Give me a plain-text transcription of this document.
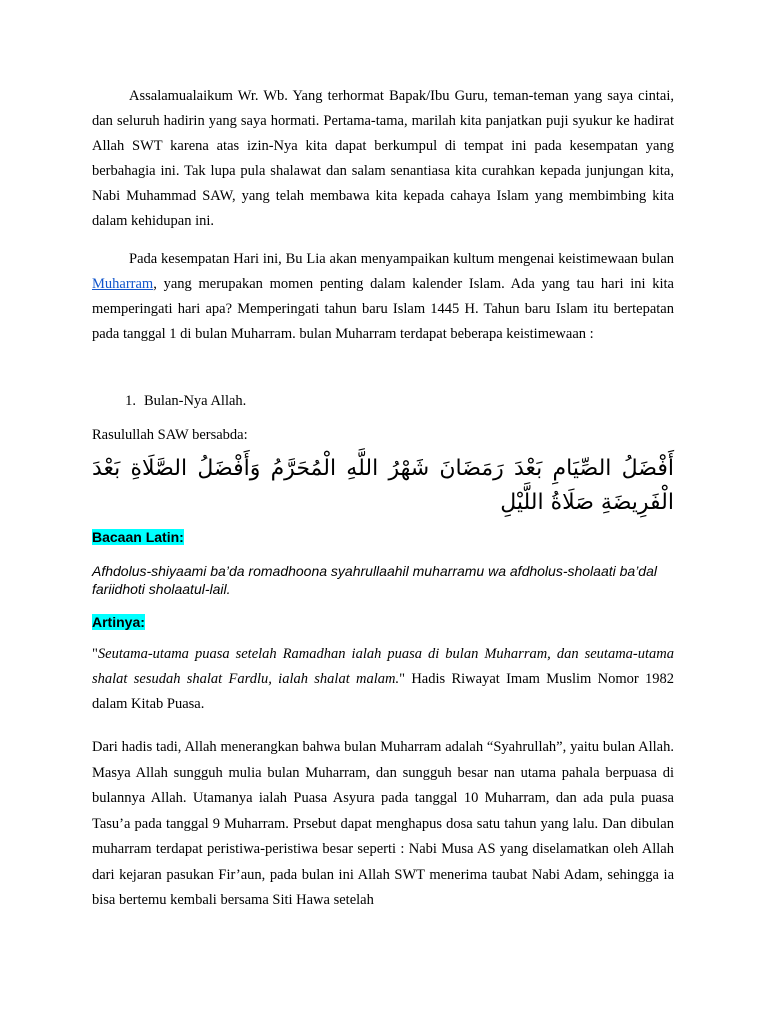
Assalamualaikum Wr. Wb. Yang terhormat Bapak/Ibu Guru, teman-teman yang saya cintai, dan seluruh hadirin yang saya hormati. Pertama-tama, marilah kita panjatkan puji syukur ke hadirat Allah SWT karena atas izin-Nya kita dapat berkumpul di tempat ini pada kesempatan yang berbahagia ini. Tak lupa pula shalawat dan salam senantiasa kita curahkan kepada junjungan kita, Nabi Muhammad SAW, yang telah membawa kita kepada cahaya Islam yang membimbing kita dalam kehidupan ini.

Pada kesempatan Hari ini, Bu Lia akan menyampaikan kultum mengenai keistimewaan bulan Muharram, yang merupakan momen penting dalam kalender Islam. Ada yang tau hari ini kita memperingati hari apa? Memperingati tahun baru Islam 1445 H. Tahun baru Islam itu bertepatan pada tanggal 1 di bulan Muharram. bulan Muharram terdapat beberapa keistimewaan :

1. Bulan-Nya Allah.
Rasulullah SAW bersabda:

أَفْضَلُ الصِّيَامِ بَعْدَ رَمَضَانَ شَهْرُ اللَّهِ الْمُحَرَّمُ وَأَفْضَلُ الصَّلَاةِ بَعْدَ الْفَرِيضَةِ صَلَاةُ اللَّيْلِ

Bacaan Latin:

Afhdolus-shiyaami ba’da romadhoona syahrullaahil muharramu wa afdholus-sholaati ba’dal fariidhoti sholaatul-lail.

Artinya:

"Seutama-utama puasa setelah Ramadhan ialah puasa di bulan Muharram, dan seutama-utama shalat sesudah shalat Fardlu, ialah shalat malam." Hadis Riwayat Imam Muslim Nomor 1982 dalam Kitab Puasa.

Dari hadis tadi, Allah menerangkan bahwa bulan Muharram adalah “Syahrullah”, yaitu bulan Allah. Masya Allah sungguh mulia bulan Muharram, dan sungguh besar nan utama pahala berpuasa di bulannya Allah. Utamanya ialah Puasa Asyura pada tanggal 10 Muharram, dan ada pula puasa Tasu’a pada tanggal 9 Muharram. Prsebut dapat menghapus dosa satu tahun yang lalu. Dan dibulan muharram terdapat peristiwa-peristiwa besar seperti : Nabi Musa AS yang diselamatkan oleh Allah dari kejaran pasukan Fir’aun, pada bulan ini Allah SWT menerima taubat Nabi Adam, sehingga ia bisa bertemu kembali bersama Siti Hawa setelah
